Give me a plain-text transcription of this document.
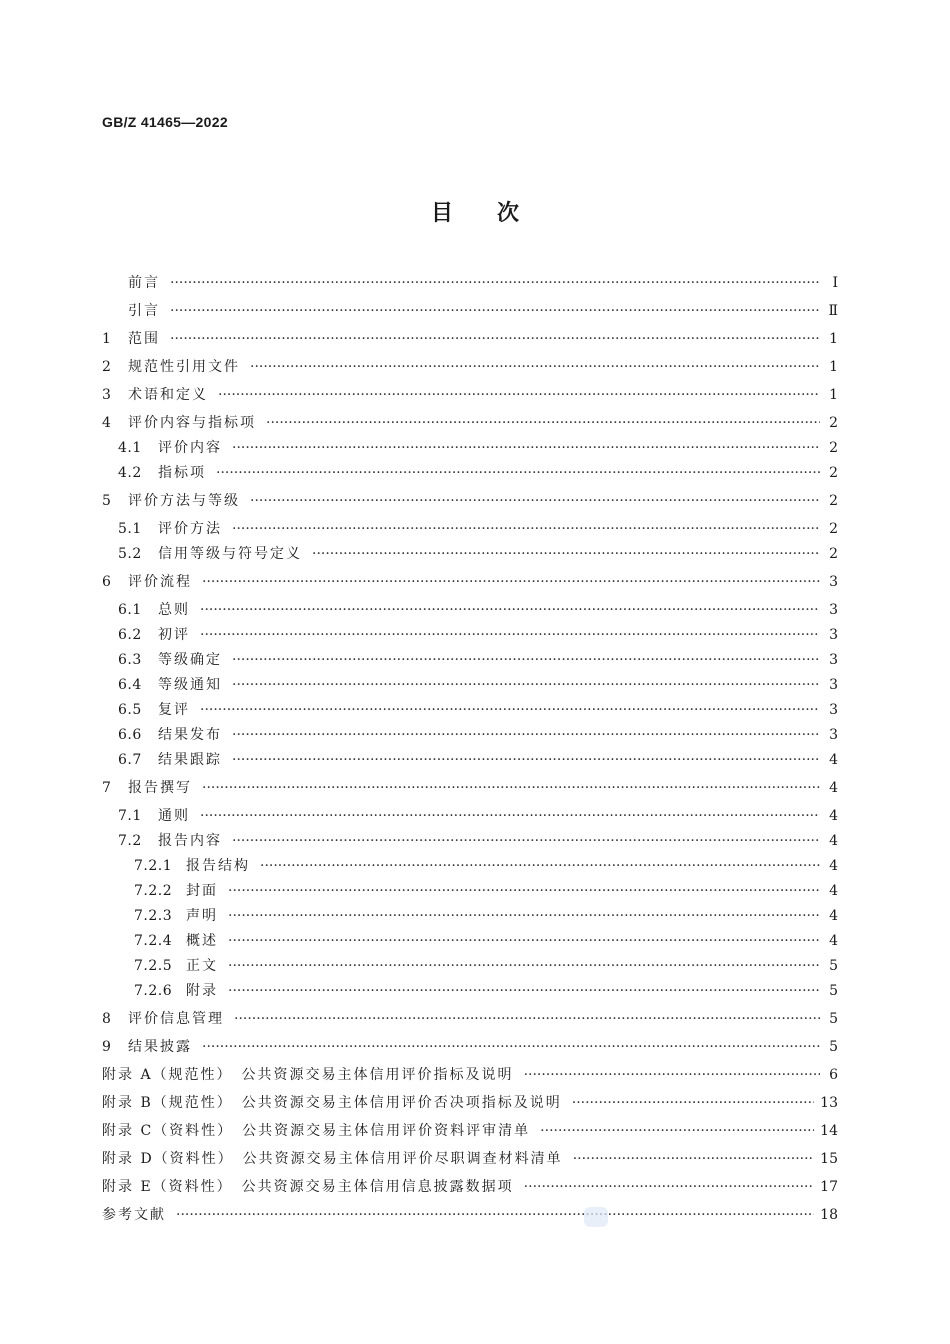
GB/Z 41465—2022
目 次
前言 ·····	Ⅰ
引言 ·····	Ⅱ
1	范围 ·····	1
2	规范性引用文件 ·····	1
3	术语和定义 ·····	1
4	评价内容与指标项 ·····	2
4.1	评价内容 ·····	2
4.2	指标项 ·····	2
5	评价方法与等级 ·····	2
5.1	评价方法 ·····	2
5.2	信用等级与符号定义 ·····	2
6	评价流程 ·····	3
6.1	总则 ·····	3
6.2	初评 ·····	3
6.3	等级确定 ·····	3
6.4	等级通知 ·····	3
6.5	复评 ·····	3
6.6	结果发布 ·····	3
6.7	结果跟踪 ·····	4
7	报告撰写 ·····	4
7.1	通则 ·····	4
7.2	报告内容 ·····	4
7.2.1 报告结构 ·····	4
7.2.2 封面 ·····	4
7.2.3 声明 ·····	4
7.2.4 概述 ·····	4
7.2.5 正文 ·····	5
7.2.6 附录 ·····	5
8	评价信息管理 ·····	5
9	结果披露 ·····	5
附录 A（规范性）　公共资源交易主体信用评价指标及说明 ·····	6
附录 B（规范性）　公共资源交易主体信用评价否决项指标及说明 ·····	13
附录 C（资料性）　公共资源交易主体信用评价资料评审清单 ·····	14
附录 D（资料性）　公共资源交易主体信用评价尽职调查材料清单 ·····	15
附录 E（资料性）　公共资源交易主体信用信息披露数据项 ·····	17
参考文献 ·····	18
